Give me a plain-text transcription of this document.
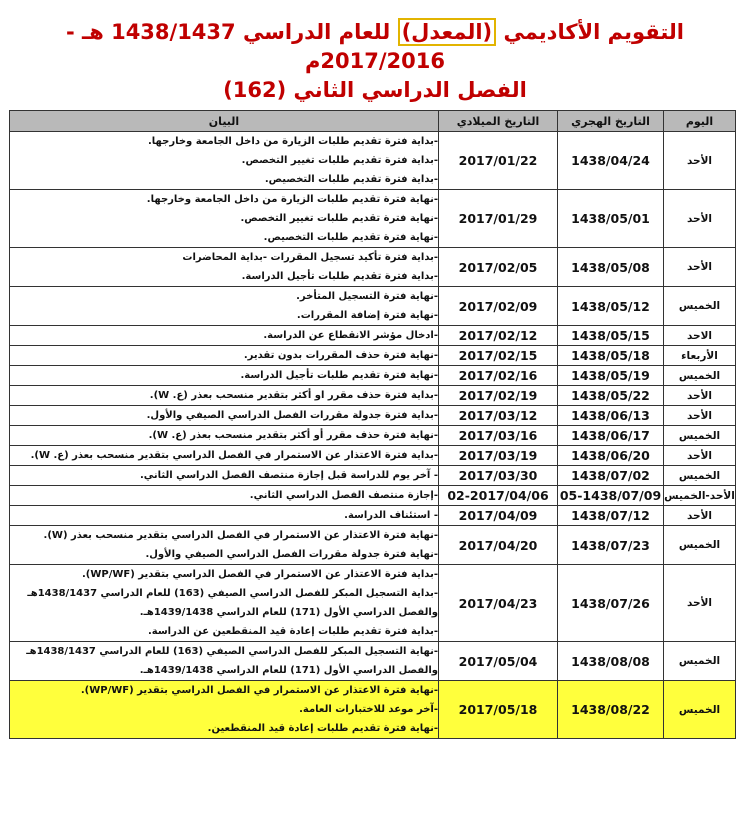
التقويم الأكاديمي (المعدل) للعام الدراسي 1438/1437 هـ -
2017/2016م
الفصل الدراسي الثاني (162)
اليوم	التاريخ الهجري	التاريخ الميلادي	البيان
الأحد	1438/04/24	2017/01/22	-بداية فترة تقديم طلبات الزيارة من داخل الجامعة وخارجها.
-بداية فترة تقديم طلبات تغيير التخصص.
-بداية فترة تقديم طلبات التخصيص.

الأحد	1438/05/01	2017/01/29	-نهاية فترة تقديم طلبات الزيارة من داخل الجامعة وخارجها.
-نهاية فترة تقديم طلبات تغيير التخصص.
-نهاية فترة تقديم طلبات التخصيص.

الأحد	1438/05/08	2017/02/05	-بداية فترة تأكيد تسجيل المقررات -بداية المحاضرات
-بداية فترة تقديم طلبات تأجيل الدراسة.

الخميس	1438/05/12	2017/02/09	-نهاية فترة التسجيل المتأخر.
-نهاية فترة إضافة المقررات.

الاحد	1438/05/15	2017/02/12	-ادخال مؤشر الانقطاع عن الدراسة.

الأربعاء	1438/05/18	2017/02/15	-نهاية فترة حذف المقررات بدون تقدير.

الخميس	1438/05/19	2017/02/16	-نهاية فترة تقديم طلبات تأجيل الدراسة.

الأحد	1438/05/22	2017/02/19	-بداية فترة حذف مقرر او أكثر بتقدير منسحب بعذر (ع. W).

الأحد	1438/06/13	2017/03/12	-بداية فترة جدولة مقررات الفصل الدراسي الصيفي والأول.

الخميس	1438/06/17	2017/03/16	-نهاية فترة حذف مقرر أو أكثر بتقدير منسحب بعذر (ع. W).

الأحد	1438/06/20	2017/03/19	-بداية فترة الاعتذار عن الاستمرار في الفصل الدراسي بتقدير منسحب بعذر (ع. W).

الخميس	1438/07/02	2017/03/30	- آخر يوم للدراسة قبل إجازة منتصف الفصل الدراسي الثاني.

الأحد-الخميس	05-1438/07/09	02-2017/04/06	-إجازة منتصف الفصل الدراسي الثاني.

الأحد	1438/07/12	2017/04/09	- استئناف الدراسة.

الخميس	1438/07/23	2017/04/20	-نهاية فترة الاعتذار عن الاستمرار في الفصل الدراسي بتقدير منسحب بعذر (W).
-نهاية فترة جدولة مقررات الفصل الدراسي الصيفي والأول.

الأحد	1438/07/26	2017/04/23	-بداية فترة الاعتذار عن الاستمرار في الفصل الدراسي بتقدير (WP/WF).
-بداية التسجيل المبكر للفصل الدراسي الصيفي (163) للعام الدراسي 1438/1437هـ
والفصل الدراسي الأول (171) للعام الدراسي 1439/1438هـ.
-بداية فترة تقديم طلبات إعادة قيد المنقطعين عن الدراسة.

الخميس	1438/08/08	2017/05/04	-نهاية التسجيل المبكر للفصل الدراسي الصيفي (163) للعام الدراسي 1438/1437هـ
والفصل الدراسي الأول (171) للعام الدراسي 1439/1438هـ.

الخميس	1438/08/22	2017/05/18	-نهاية فترة الاعتذار عن الاستمرار في الفصل الدراسي بتقدير (WP/WF).
-آخر موعد للاختبارات العامة.
-نهاية فترة تقديم طلبات إعادة قيد المنقطعين.
